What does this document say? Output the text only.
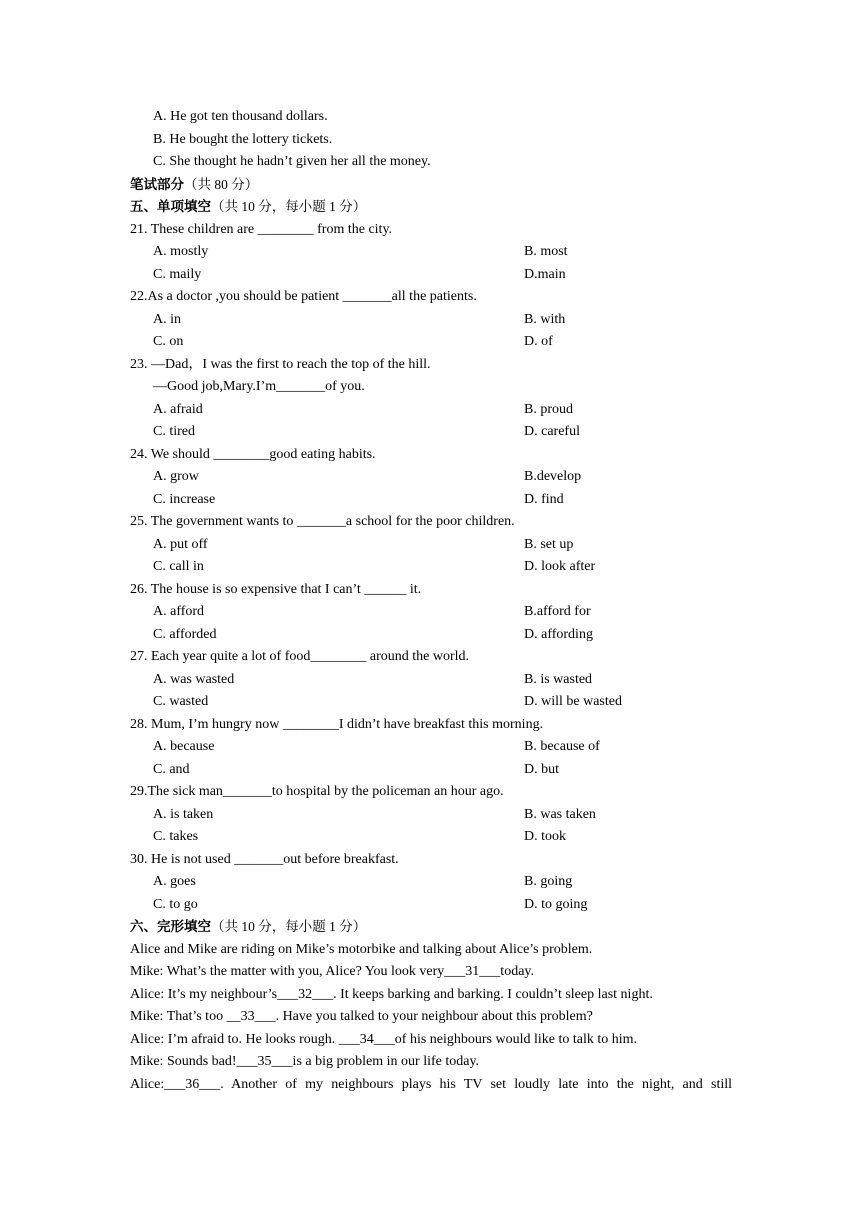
A. He got ten thousand dollars.
B. He bought the lottery tickets.
C. She thought he hadn’t given her all the money.
笔试部分（共 80 分）
五、单项填空（共 10 分，每小题 1 分）
21. These children are ________ from the city.
A. mostly	B. most
C. maily	D.main
22.As a doctor ,you should be patient _______all the patients.
A. in	B. with
C. on	D. of
23. —Dad，I was the first to reach the top of the hill.
—Good job,Mary.I’m_______of you.
A. afraid	B. proud
C. tired	D. careful
24. We should ________good eating habits.
A. grow	B.develop
C. increase	D. find
25. The government wants to _______a school for the poor children.
A. put off	B. set up
C. call in	D. look after
26. The house is so expensive that I can’t ______ it.
A. afford	B.afford for
C. afforded	D. affording
27. Each year quite a lot of food________ around the world.
A. was wasted	B. is wasted
C. wasted	D. will be wasted
28. Mum, I’m hungry now ________I didn’t have breakfast this morning.
A. because	B. because of
C. and	D. but
29.The sick man_______to hospital by the policeman an hour ago.
A. is taken	B. was taken
C. takes	D. took
30. He is not used _______out before breakfast.
A. goes	B. going
C. to go	D. to going
六、完形填空（共 10 分，每小题 1 分）
Alice and Mike are riding on Mike’s motorbike and talking about Alice’s problem.
Mike: What’s the matter with you, Alice? You look very___31___today.
Alice: It’s my neighbour’s___32___. It keeps barking and barking. I couldn’t sleep last night.
Mike: That’s too __33___. Have you talked to your neighbour about this problem?
Alice: I’m afraid to. He looks rough. ___34___of his neighbours would like to talk to him.
Mike: Sounds bad!___35___is a big problem in our life today.
Alice:___36___. Another of my neighbours plays his TV set loudly late into the night, and still
